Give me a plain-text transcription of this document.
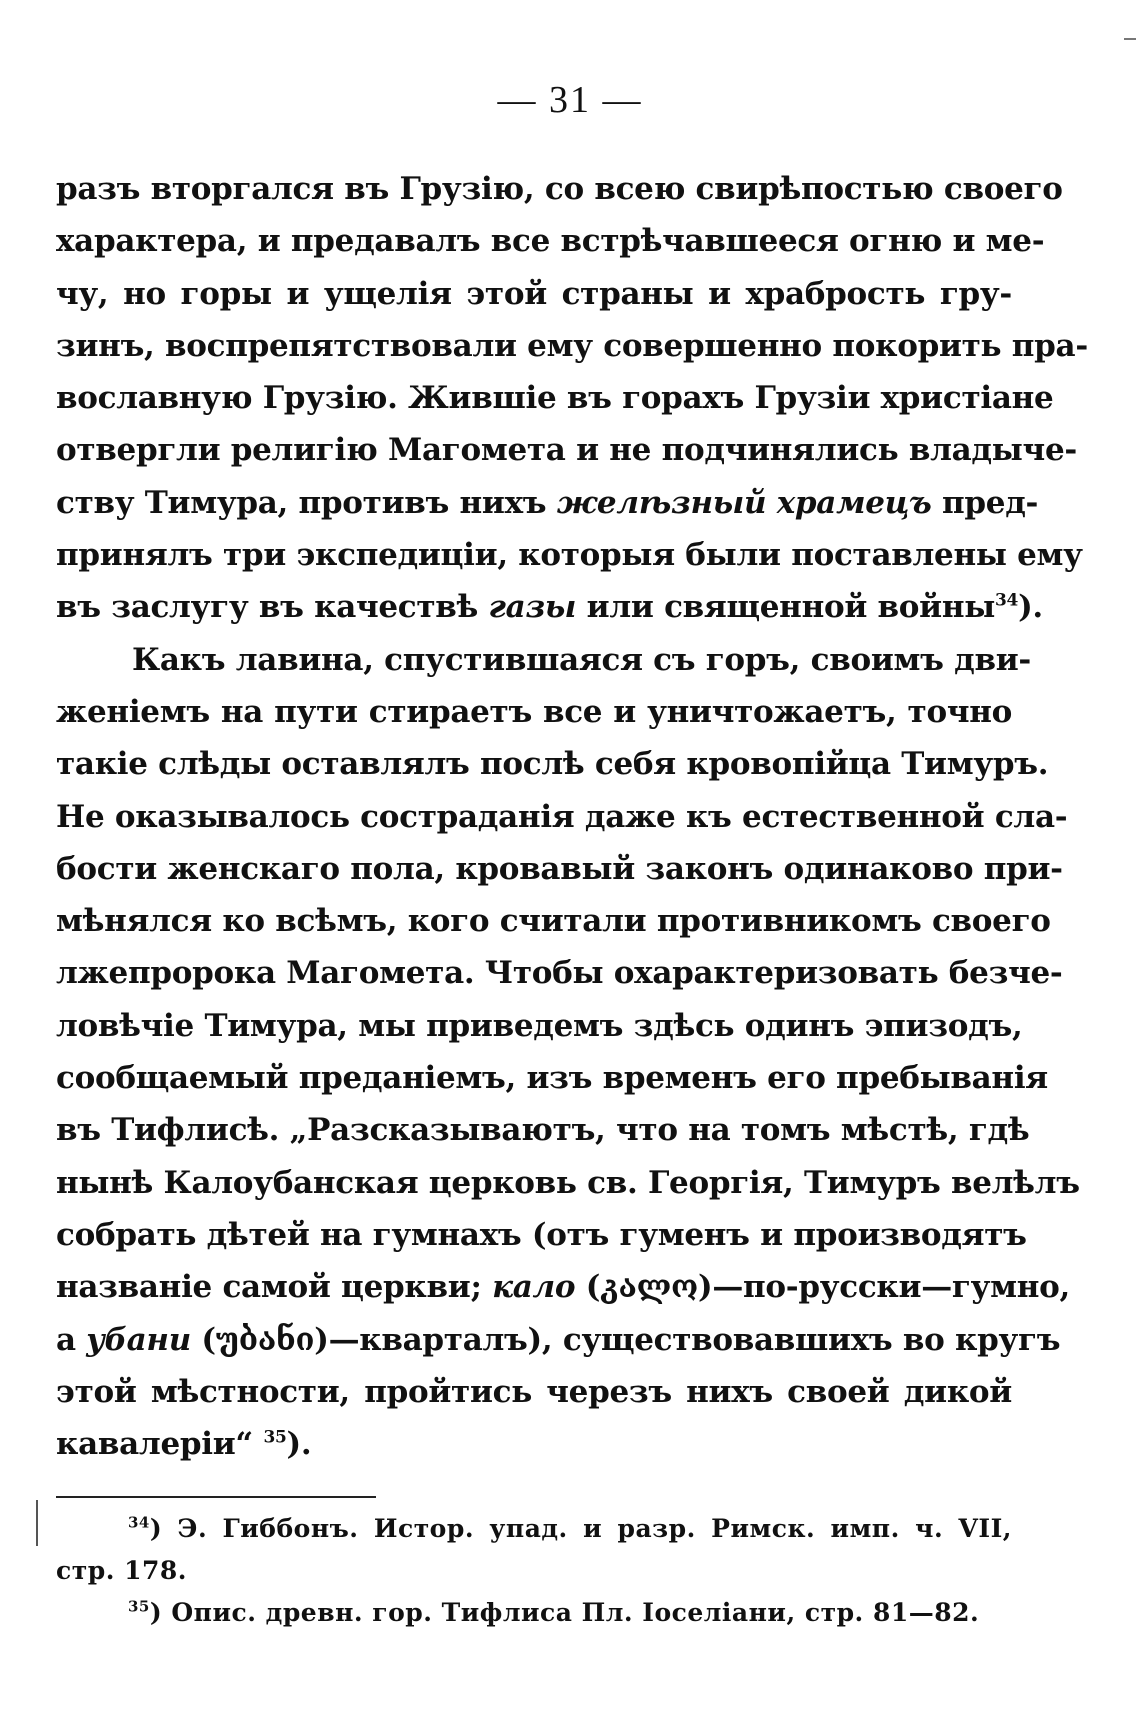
— 31 —
разъ вторгался въ Грузію, со всею свирѣпостью своего
характера, и предавалъ все встрѣчавшееся огню и ме-
чу, но горы и ущелія этой страны и храбрость гру-
зинъ, воспрепятствовали ему совершенно покорить пра-
вославную Грузію. Жившіе въ горахъ Грузіи христіане
отвергли религію Магомета и не подчинялись владыче-
ству Тимура, противъ нихъ желѣзный храмецъ пред-
принялъ три экспедиціи, которыя были поставлены ему
въ заслугу въ качествѣ газы или священной войны$^{34}$).
Какъ лавина, спустившаяся съ горъ, своимъ дви-
женіемъ на пути стираетъ все и уничтожаетъ, точно
такіе слѣды оставлялъ послѣ себя кровопійца Тимуръ.
Не оказывалось состраданія даже къ естественной сла-
бости женскаго пола, кровавый законъ одинаково при-
мѣнялся ко всѣмъ, кого считали противникомъ своего
лжепророка Магомета. Чтобы охарактеризовать безче-
ловѣчіе Тимура, мы приведемъ здѣсь одинъ эпизодъ,
сообщаемый преданіемъ, изъ временъ его пребыванія
въ Тифлисѣ. „Разсказываютъ, что на томъ мѣстѣ, гдѣ
нынѣ Калоубанская церковь св. Георгія, Тимуръ велѣлъ
собрать дѣтей на гумнахъ (отъ гуменъ и производятъ
названіе самой церкви; кало (კალო)—по-русски—гумно,
а убани (უბანი)—кварталъ), существовавшихъ во кругъ
этой мѣстности, пройтись черезъ нихъ своей дикой
кавалеріи“ $^{35}$).
$^{34}$) Э. Гиббонъ. Истор. упад. и разр. Римск. имп. ч. VII,
стр. 178.
$^{35}$) Опис. древн. гор. Тифлиса Пл. Іоселіани, стр. 81—82.
